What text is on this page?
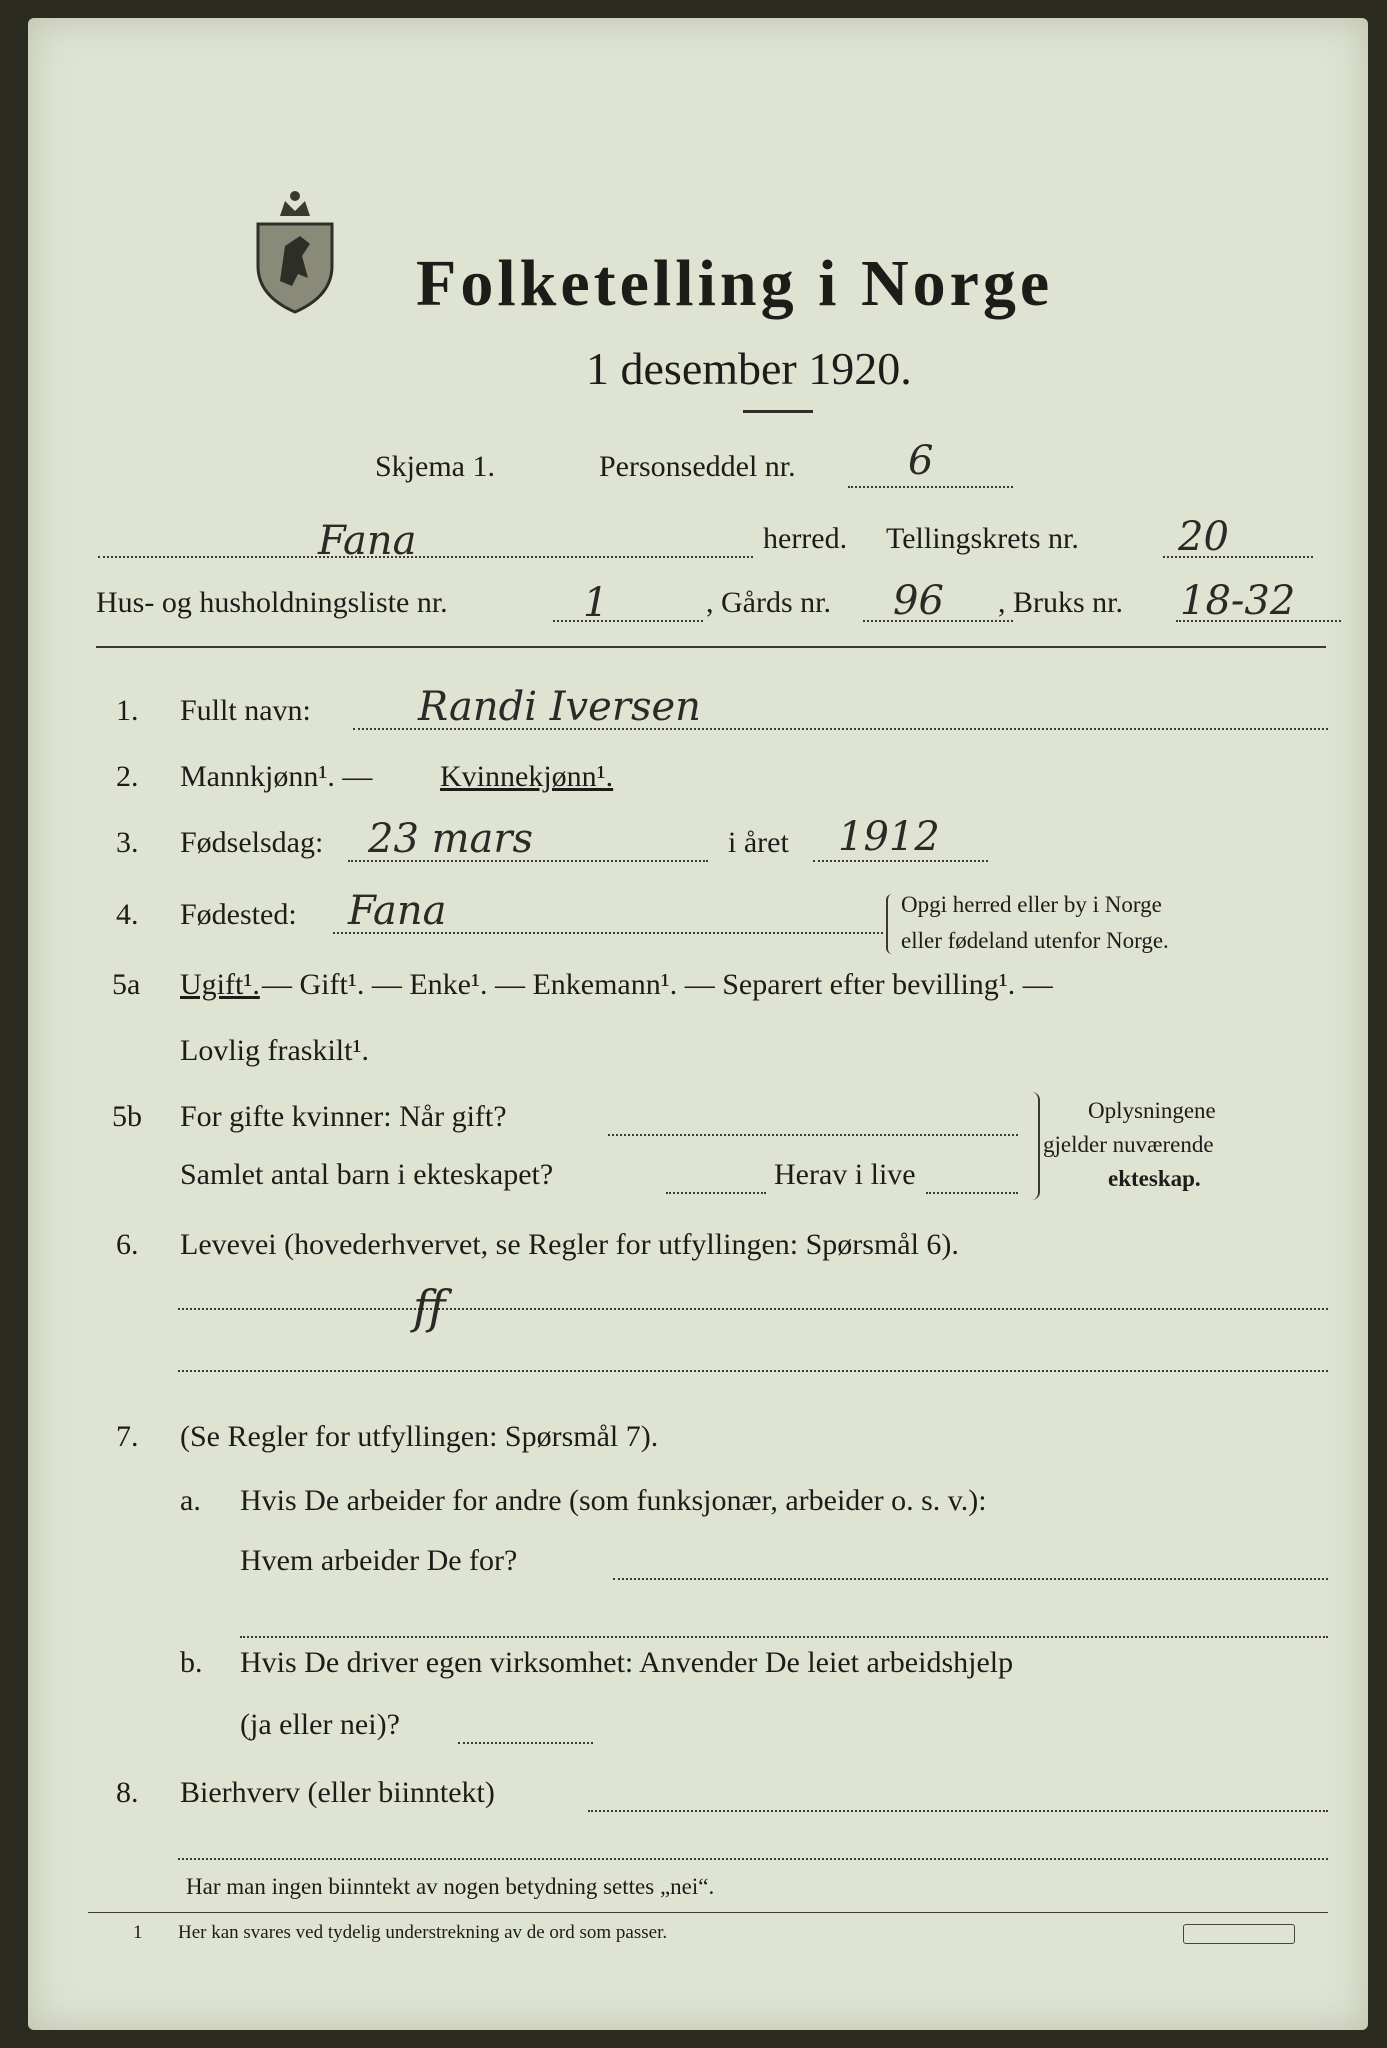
Folketelling i Norge
1 desember 1920.
Skjema 1.	Personseddel nr.	6
Fana	herred. Tellingskrets nr. 20
Hus- og husholdningsliste nr.	1	, Gårds nr. 96 , Bruks nr. 18-32
1. Fullt navn:	Randi Iversen
2. Mannkjønn¹. — Kvinnekjønn¹.
3. Fødselsdag: 23 mars	i året 1912
4. Fødested: Fana	Opgi herred eller by i Norge
eller fødeland utenfor Norge.
5a Ugift¹. — Gift¹. — Enke¹. — Enkemann¹. — Separert efter bevilling¹. —
Lovlig fraskilt¹.
5b For gifte kvinner: Når gift?
Samlet antal barn i ekteskapet?	Herav i live
Oplysningene
gjelder nuværende
ekteskap.
6. Levevei (hovederhvervet, se Regler for utfyllingen: Spørsmål 6).
ff
7. (Se Regler for utfyllingen: Spørsmål 7).
a. Hvis De arbeider for andre (som funksjonær, arbeider o. s. v.):
Hvem arbeider De for?
b. Hvis De driver egen virksomhet: Anvender De leiet arbeidshjelp
(ja eller nei)?
8. Bierhverv (eller biinntekt)
Har man ingen biinntekt av nogen betydning settes „nei“.
1 Her kan svares ved tydelig understrekning av de ord som passer.
